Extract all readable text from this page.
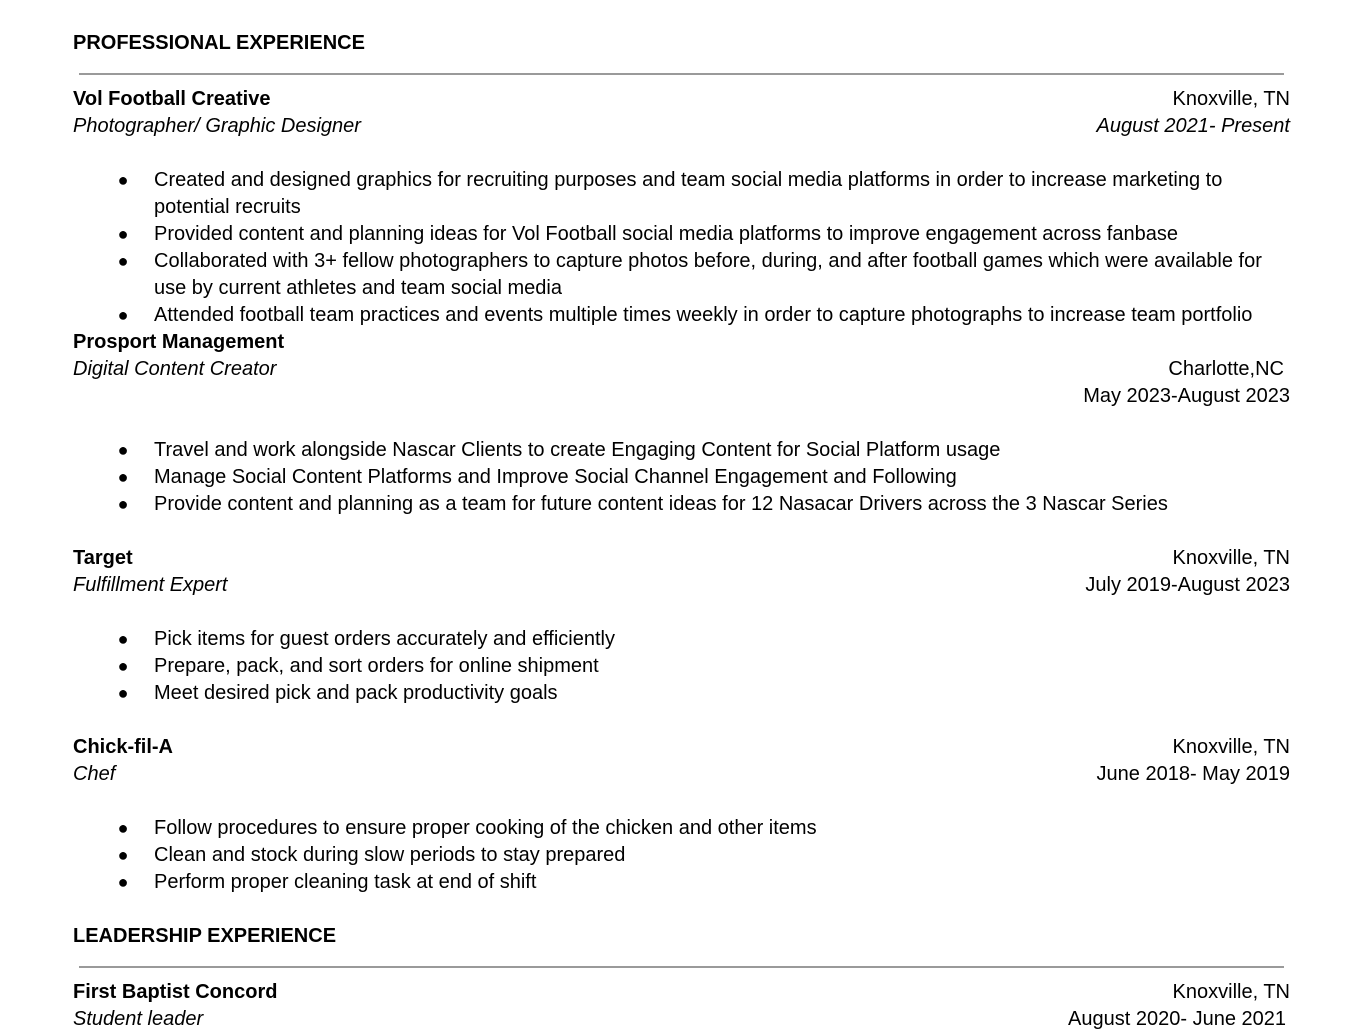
PROFESSIONAL EXPERIENCE
Vol Football Creative	Knoxville, TN
Photographer/ Graphic Designer	August 2021- Present
● Created and designed graphics for recruiting purposes and team social media platforms in order to increase marketing to potential recruits
● Provided content and planning ideas for Vol Football social media platforms to improve engagement across fanbase
● Collaborated with 3+ fellow photographers to capture photos before, during, and after football games which were available for use by current athletes and team social media
● Attended football team practices and events multiple times weekly in order to capture photographs to increase team portfolio
Prosport Management
Digital Content Creator	Charlotte,NC
May 2023-August 2023
● Travel and work alongside Nascar Clients to create Engaging Content for Social Platform usage
● Manage Social Content Platforms and Improve Social Channel Engagement and Following
● Provide content and planning as a team for future content ideas for 12 Nasacar Drivers across the 3 Nascar Series
Target	Knoxville, TN
Fulfillment Expert	July 2019-August 2023
● Pick items for guest orders accurately and efficiently
● Prepare, pack, and sort orders for online shipment
● Meet desired pick and pack productivity goals
Chick-fil-A	Knoxville, TN
Chef	June 2018- May 2019
● Follow procedures to ensure proper cooking of the chicken and other items
● Clean and stock during slow periods to stay prepared
● Perform proper cleaning task at end of shift
LEADERSHIP EXPERIENCE
First Baptist Concord	Knoxville, TN
Student leader	August 2020- June 2021
